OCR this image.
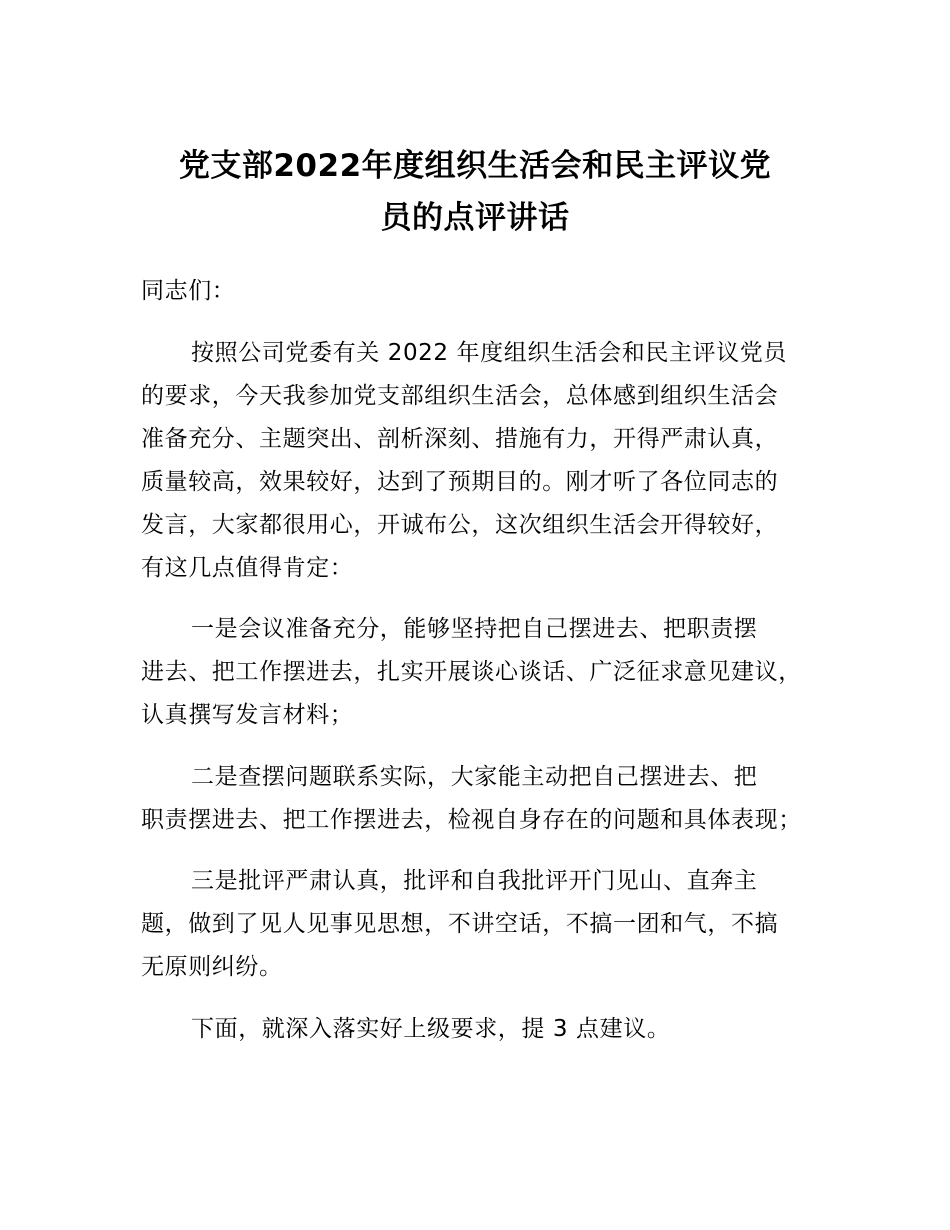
党支部2022年度组织生活会和民主评议党
员的点评讲话

同志们：

按照公司党委有关 2022 年度组织生活会和民主评议党员

的要求，今天我参加党支部组织生活会，总体感到组织生活会

准备充分、主题突出、剖析深刻、措施有力，开得严肃认真，

质量较高，效果较好，达到了预期目的。刚才听了各位同志的

发言，大家都很用心，开诚布公，这次组织生活会开得较好，

有这几点值得肯定：

一是会议准备充分，能够坚持把自己摆进去、把职责摆

进去、把工作摆进去，扎实开展谈心谈话、广泛征求意见建议，

认真撰写发言材料；

二是查摆问题联系实际，大家能主动把自己摆进去、把

职责摆进去、把工作摆进去，检视自身存在的问题和具体表现；

三是批评严肃认真，批评和自我批评开门见山、直奔主

题，做到了见人见事见思想，不讲空话，不搞一团和气，不搞

无原则纠纷。

下面，就深入落实好上级要求，提 3 点建议。
